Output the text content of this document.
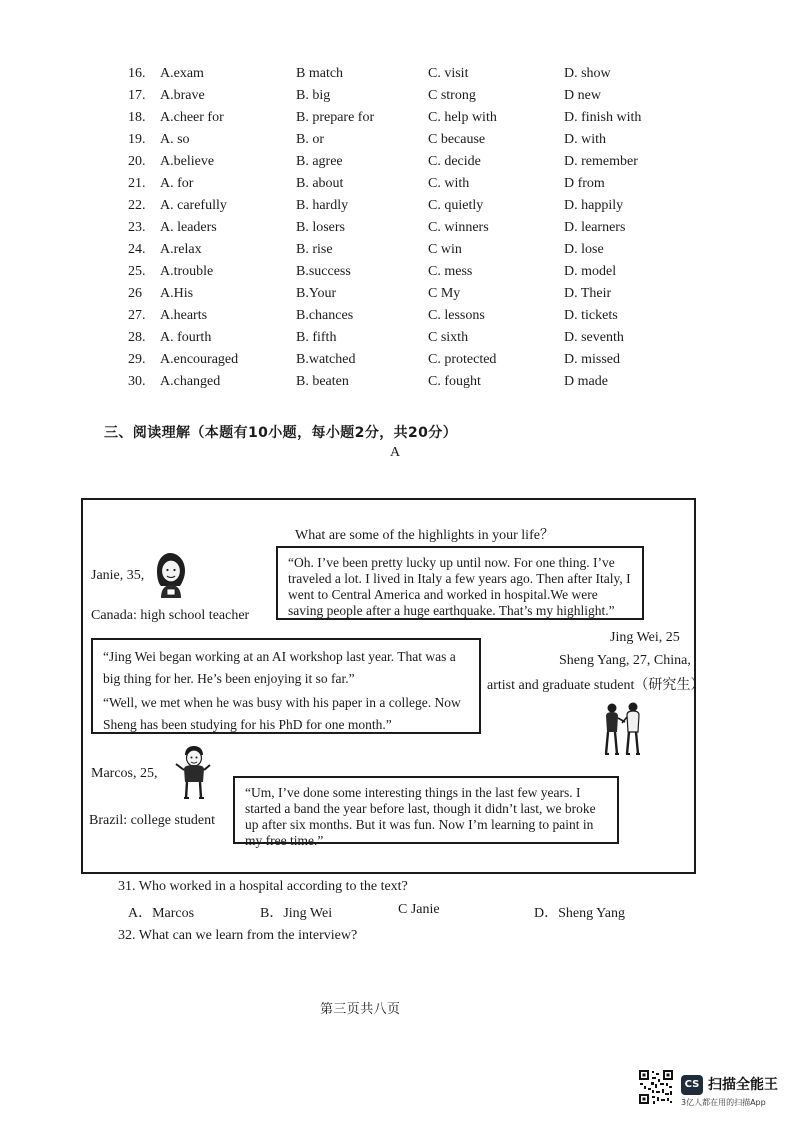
16.	A.exam	B match	C. visit	D. show
17.	A.brave	B. big	C strong	D new
18.	A.cheer for	B. prepare for	C. help with	D. finish with
19.	A. so	B. or	C because	D. with
20.	A.believe	B. agree	C. decide	D. remember
21.	A. for	B. about	C. with	D from
22.	A. carefully	B. hardly	C. quietly	D. happily
23.	A. leaders	B. losers	C. winners	D. learners
24.	A.relax	B. rise	C win	D. lose
25.	A.trouble	B.success	C. mess	D. model
26	A.His	B.Your	C My	D. Their
27.	A.hearts	B.chances	C. lessons	D. tickets
28.	A. fourth	B. fifth	C sixth	D. seventh
29.	A.encouraged	B.watched	C. protected	D. missed
30.	A.changed	B. beaten	C. fought	D made
三、阅读理解（本题有10小题，每小题2分，共20分）
A
What are some of the highlights in your life？
Janie, 35,
Canada: high school teacher

“Oh. I’ve been pretty lucky up until now. For one thing. I’ve traveled a lot. I lived in Italy a few years ago. Then after Italy, I went to Central America and worked in hospital.We were saving people after a huge earthquake. That’s my highlight.”

Jing Wei, 25

“Jing Wei began working at an AI workshop last year. That was a big thing for her. He’s been enjoying it so far.”

“Well, we met when he was busy with his paper in a college. Now Sheng has been studying for his PhD for one month.”

Sheng Yang, 27, China,
artist and graduate student（研究生）
Marcos, 25,
Brazil: college student

“Um, I’ve done some interesting things in the last few years. I started a band the year before last, though it didn’t last, we broke up after six months. But it was fun. Now I’m learning to paint in my free time.”

31. Who worked in a hospital according to the text?
A．Marcos	B．Jing Wei	C Janie	D．Sheng Yang
32. What can we learn from the interview?
第三页共八页
CS 扫描全能王
3亿人都在用的扫描App
